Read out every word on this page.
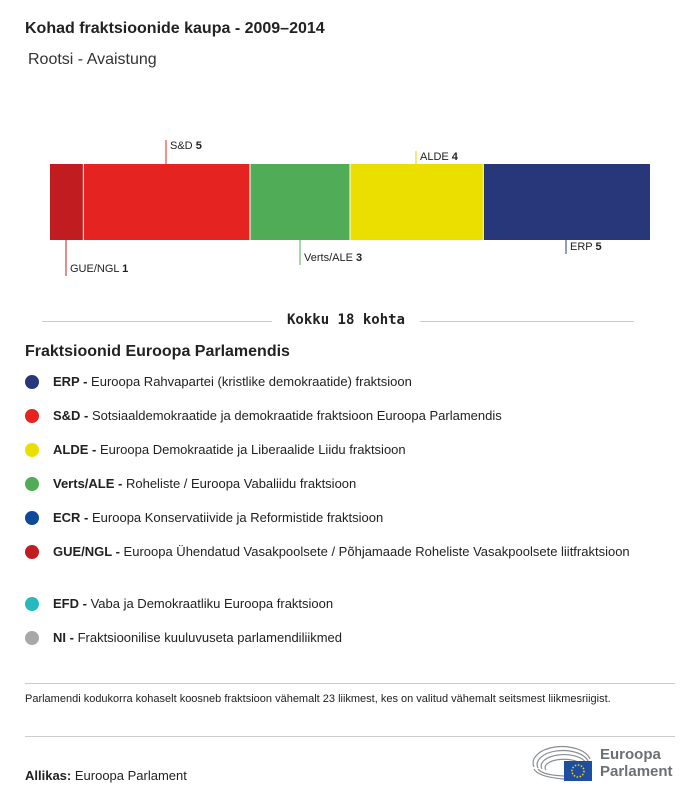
Kohad fraktsioonide kaupa - 2009–2014
Rootsi - Avaistung
GUE/NGL 1
S&D 5
Verts/ALE 3
ALDE 4
ERP 5
Kokku 18 kohta
Fraktsioonid Euroopa Parlamendis
ERP - Euroopa Rahvapartei (kristlike demokraatide) fraktsioon
S&D - Sotsiaaldemokraatide ja demokraatide fraktsioon Euroopa Parlamendis
ALDE - Euroopa Demokraatide ja Liberaalide Liidu fraktsioon
Verts/ALE - Roheliste / Euroopa Vabaliidu fraktsioon
ECR - Euroopa Konservatiivide ja Reformistide fraktsioon
GUE/NGL - Euroopa Ühendatud Vasakpoolsete / Põhjamaade Roheliste Vasakpoolsete liitfraktsioon
EFD - Vaba ja Demokraatliku Euroopa fraktsioon
NI - Fraktsioonilise kuuluvuseta parlamendiliikmed
Parlamendi kodukorra kohaselt koosneb fraktsioon vähemalt 23 liikmest, kes on valitud vähemalt seitsmest liikmesriigist.
Allikas: Euroopa Parlament
Euroopa
Parlament
